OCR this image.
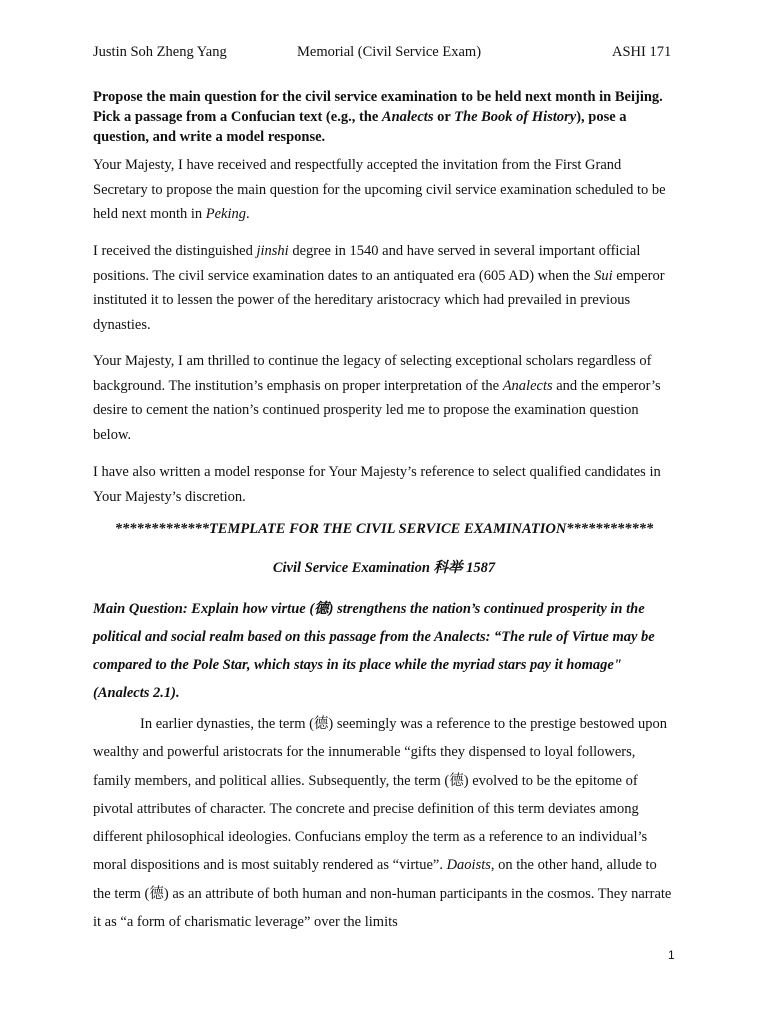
Justin Soh Zheng Yang	Memorial (Civil Service Exam)	ASHI 171
Propose the main question for the civil service examination to be held next month in Beijing. Pick a passage from a Confucian text (e.g., the Analects or The Book of History), pose a question, and write a model response.
Your Majesty, I have received and respectfully accepted the invitation from the First Grand Secretary to propose the main question for the upcoming civil service examination scheduled to be held next month in Peking.
I received the distinguished jinshi degree in 1540 and have served in several important official positions. The civil service examination dates to an antiquated era (605 AD) when the Sui emperor instituted it to lessen the power of the hereditary aristocracy which had prevailed in previous dynasties.
Your Majesty, I am thrilled to continue the legacy of selecting exceptional scholars regardless of background. The institution’s emphasis on proper interpretation of the Analects and the emperor’s desire to cement the nation’s continued prosperity led me to propose the examination question below.
I have also written a model response for Your Majesty’s reference to select qualified candidates in Your Majesty’s discretion.
*************TEMPLATE FOR THE CIVIL SERVICE EXAMINATION************
Civil Service Examination 科举 1587
Main Question: Explain how virtue (德) strengthens the nation’s continued prosperity in the political and social realm based on this passage from the Analects: “The rule of Virtue may be compared to the Pole Star, which stays in its place while the myriad stars pay it homage" (Analects 2.1).
In earlier dynasties, the term (德) seemingly was a reference to the prestige bestowed upon wealthy and powerful aristocrats for the innumerable “gifts they dispensed to loyal followers, family members, and political allies. Subsequently, the term (德) evolved to be the epitome of pivotal attributes of character. The concrete and precise definition of this term deviates among different philosophical ideologies. Confucians employ the term as a reference to an individual’s moral dispositions and is most suitably rendered as “virtue”. Daoists, on the other hand, allude to the term (德) as an attribute of both human and non-human participants in the cosmos. They narrate it as “a form of charismatic leverage” over the limits
1
